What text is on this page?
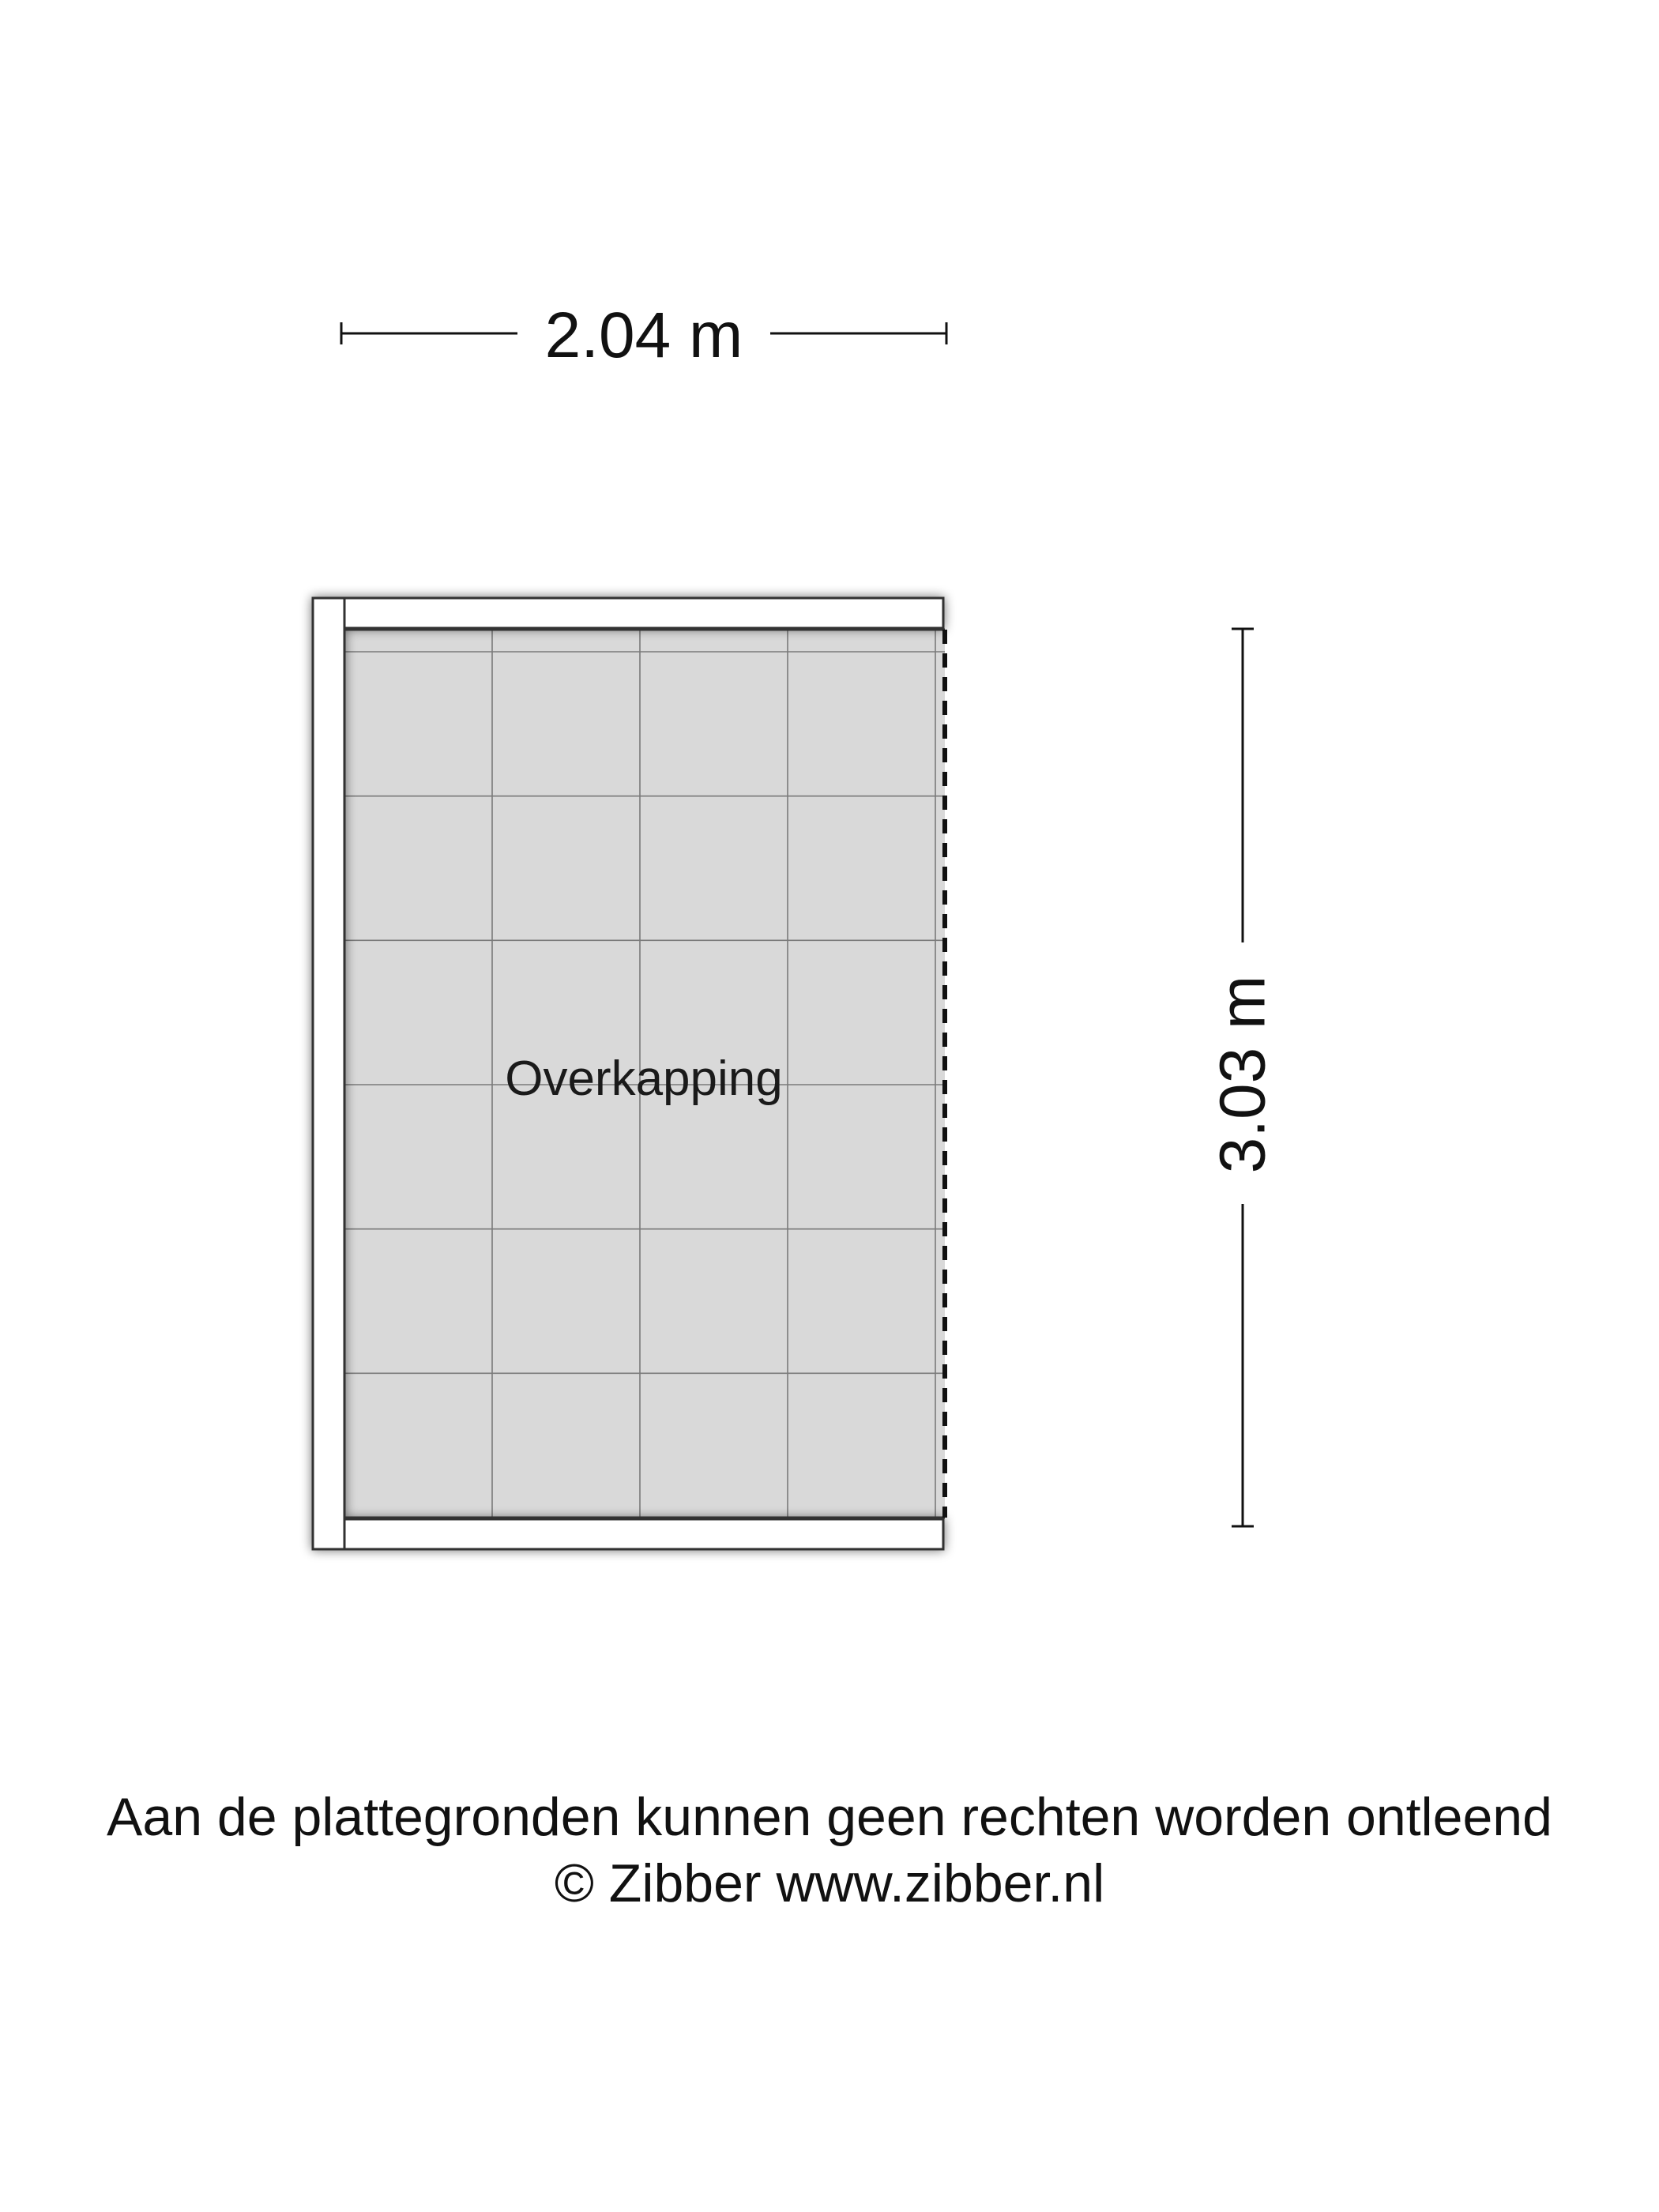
2.04 m
3.03 m
Overkapping
Aan de plattegronden kunnen geen rechten worden ontleend
© Zibber www.zibber.nl
